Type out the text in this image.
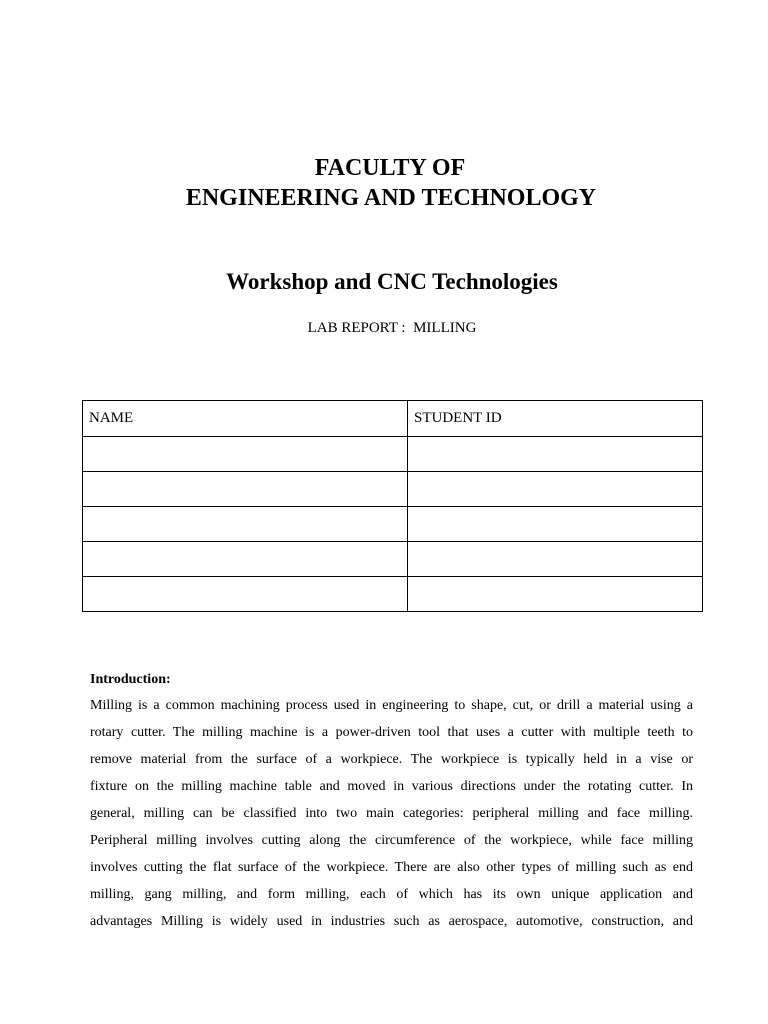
FACULTY OF
ENGINEERING AND TECHNOLOGY
Workshop and CNC Technologies
LAB REPORT :  MILLING
NAME	STUDENT ID

Introduction:
Milling is a common machining process used in engineering to shape, cut, or drill a material using a
rotary cutter. The milling machine is a power-driven tool that uses a cutter with multiple teeth to
remove material from the surface of a workpiece. The workpiece is typically held in a vise or
fixture on the milling machine table and moved in various directions under the rotating cutter. In
general, milling can be classified into two main categories: peripheral milling and face milling.
Peripheral milling involves cutting along the circumference of the workpiece, while face milling
involves cutting the flat surface of the workpiece. There are also other types of milling such as end
milling, gang milling, and form milling, each of which has its own unique application and
advantages Milling is widely used in industries such as aerospace, automotive, construction, and
